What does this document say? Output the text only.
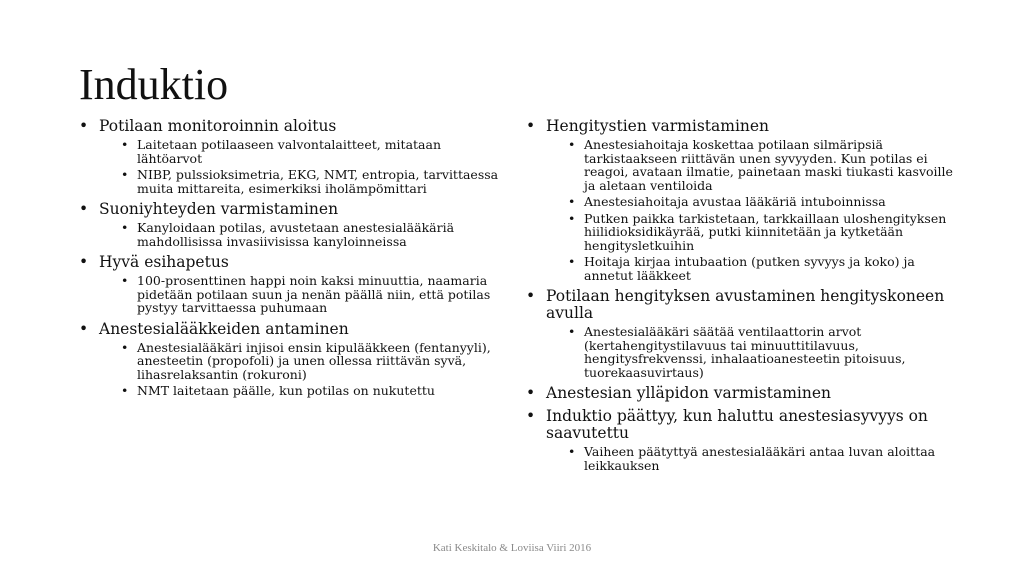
Induktio
• Potilaan monitoroinnin aloitus
• Laitetaan potilaaseen valvontalaitteet, mitataan lähtöarvot
• NIBP, pulssioksimetria, EKG, NMT, entropia, tarvittaessa muita mittareita, esimerkiksi iholämpömittari
• Suoniyhteyden varmistaminen
• Kanyloidaan potilas, avustetaan anestesialääkäriä mahdollisissa invasiivisissa kanyloinneissa
• Hyvä esihapetus
• 100-prosenttinen happi noin kaksi minuuttia, naamaria pidetään potilaan suun ja nenän päällä niin, että potilas pystyy tarvittaessa puhumaan
• Anestesialääkkeiden antaminen
• Anestesialääkäri injisoi ensin kipulääkkeen (fentanyyli), anesteetin (propofoli) ja unen ollessa riittävän syvä, lihasrelaksantin (rokuroni)
• NMT laitetaan päälle, kun potilas on nukutettu
• Hengitystien varmistaminen
• Anestesiahoitaja koskettaa potilaan silmäripsiä tarkistaakseen riittävän unen syvyyden. Kun potilas ei reagoi, avataan ilmatie, painetaan maski tiukasti kasvoille ja aletaan ventiloida
• Anestesiahoitaja avustaa lääkäriä intuboinnissa
• Putken paikka tarkistetaan, tarkkaillaan uloshengityksen hiilidioksidikäyrää, putki kiinnitetään ja kytketään hengitysletkuihin
• Hoitaja kirjaa intubaation (putken syvyys ja koko) ja annetut lääkkeet
• Potilaan hengityksen avustaminen hengityskoneen avulla
• Anestesialääkäri säätää ventilaattorin arvot (kertahengitystilavuus tai minuuttitilavuus, hengitysfrekvenssi, inhalaatioanesteetin pitoisuus, tuorekaasuvirtaus)
• Anestesian ylläpidon varmistaminen
• Induktio päättyy, kun haluttu anestesiasyvyys on saavutettu
• Vaiheen päätyttyä anestesialääkäri antaa luvan aloittaa leikkauksen
Kati Keskitalo & Loviisa Viiri 2016
